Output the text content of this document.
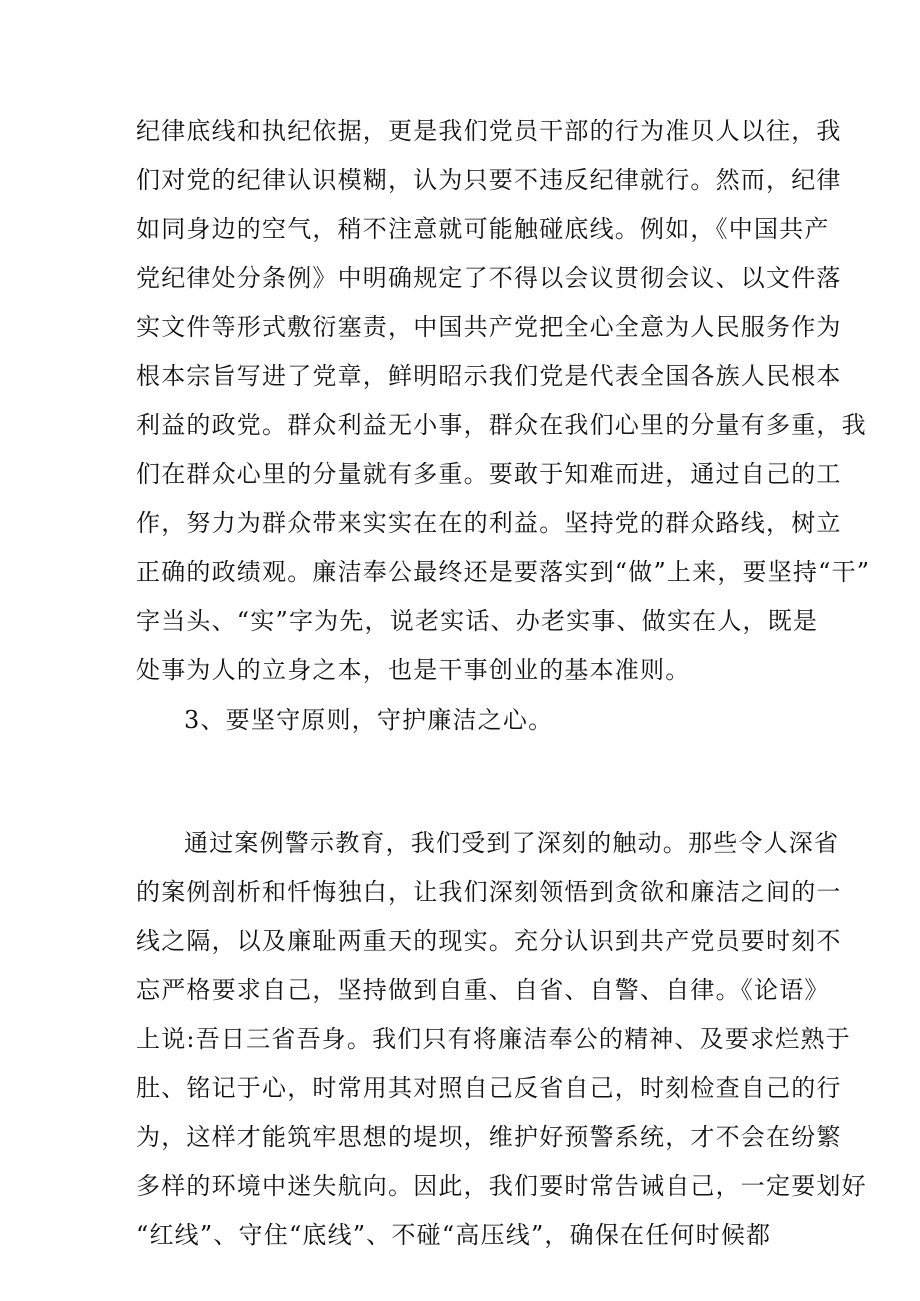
纪律底线和执纪依据，更是我们党员干部的行为准贝人以往，我
们对党的纪律认识模糊，认为只要不违反纪律就行。然而，纪律
如同身边的空气，稍不注意就可能触碰底线。例如，《中国共产
党纪律处分条例》中明确规定了不得以会议贯彻会议、以文件落
实文件等形式敷衍塞责，中国共产党把全心全意为人民服务作为
根本宗旨写进了党章，鲜明昭示我们党是代表全国各族人民根本
利益的政党。群众利益无小事，群众在我们心里的分量有多重，我
们在群众心里的分量就有多重。要敢于知难而进，通过自己的工
作，努力为群众带来实实在在的利益。坚持党的群众路线，树立
正确的政绩观。廉洁奉公最终还是要落实到“做”上来，要坚持“干”
字当头、“实”字为先，说老实话、办老实事、做实在人，既是
处事为人的立身之本，也是干事创业的基本准则。
3、要坚守原则，守护廉洁之心。
通过案例警示教育，我们受到了深刻的触动。那些令人深省
的案例剖析和忏悔独白，让我们深刻领悟到贪欲和廉洁之间的一
线之隔，以及廉耻两重天的现实。充分认识到共产党员要时刻不
忘严格要求自己，坚持做到自重、自省、自警、自律。《论语》
上说:吾日三省吾身。我们只有将廉洁奉公的精神、及要求烂熟于
肚、铭记于心，时常用其对照自己反省自己，时刻检查自己的行
为，这样才能筑牢思想的堤坝，维护好预警系统，才不会在纷繁
多样的环境中迷失航向。因此，我们要时常告诫自己，一定要划好
“红线”、守住“底线”、不碰“高压线”，确保在任何时候都
